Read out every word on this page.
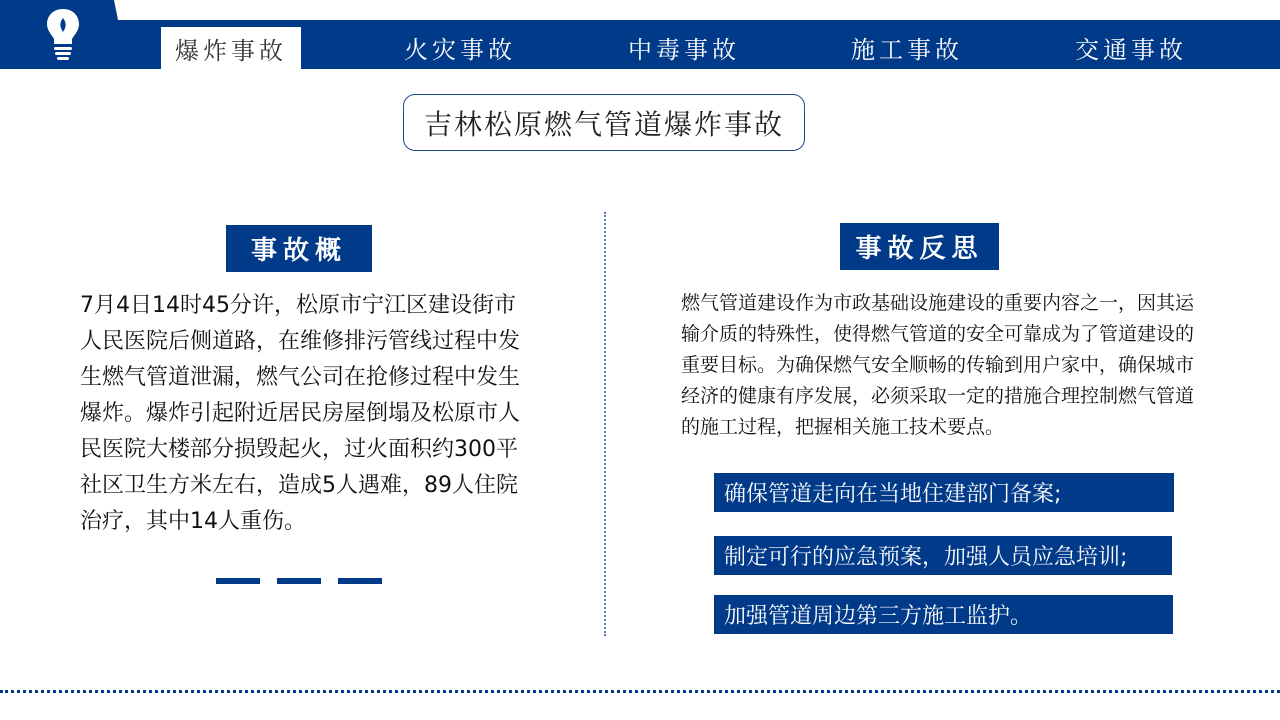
爆炸事故	火灾事故	中毒事故	施工事故	交通事故
吉林松原燃气管道爆炸事故
事故概
7月4日14时45分许，松原市宁江区建设街市人民医院后侧道路，在维修排污管线过程中发生燃气管道泄漏，燃气公司在抢修过程中发生爆炸。爆炸引起附近居民房屋倒塌及松原市人民医院大楼部分损毁起火，过火面积约300平社区卫生方米左右，造成5人遇难，89人住院治疗，其中14人重伤。
事故反思
燃气管道建设作为市政基础设施建设的重要内容之一，因其运输介质的特殊性，使得燃气管道的安全可靠成为了管道建设的重要目标。为确保燃气安全顺畅的传输到用户家中，确保城市经济的健康有序发展，必须采取一定的措施合理控制燃气管道的施工过程，把握相关施工技术要点。
确保管道走向在当地住建部门备案;
制定可行的应急预案，加强人员应急培训;
加强管道周边第三方施工监护。
